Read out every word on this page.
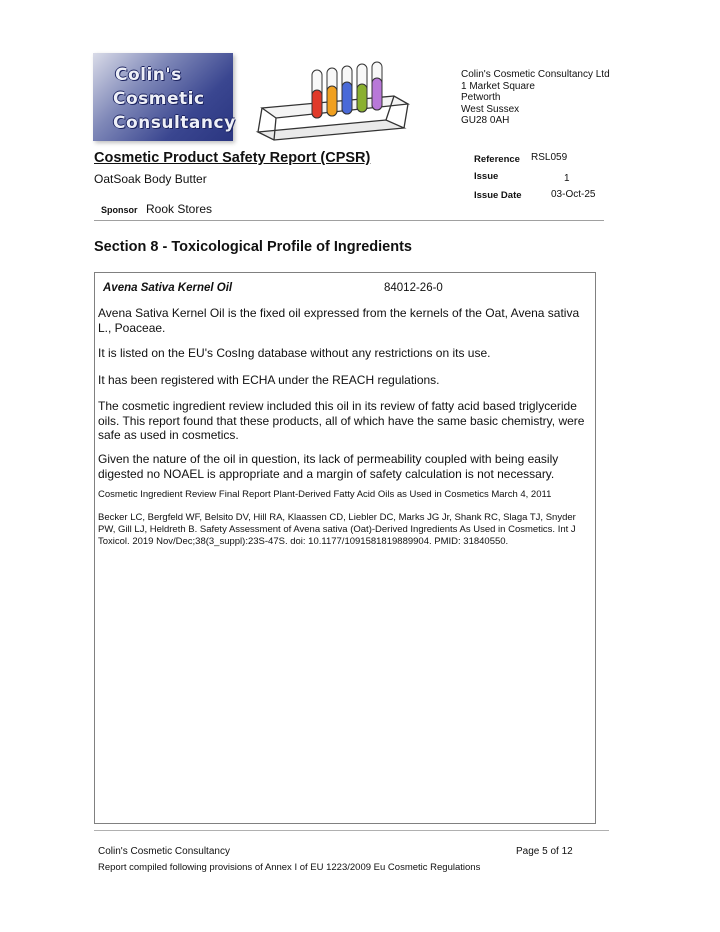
Colin's
Cosmetic
Consultancy
Colin's Cosmetic Consultancy Ltd
1 Market Square
Petworth
West Sussex
GU28 0AH
Cosmetic Product Safety Report (CPSR)
OatSoak Body Butter
Sponsor Rook Stores
Reference RSL059
Issue	1
Issue Date	03-Oct-25
Section 8 - Toxicological Profile of Ingredients
Avena Sativa Kernel Oil	84012-26-0
Avena Sativa Kernel Oil is the fixed oil expressed from the kernels of the Oat, Avena sativa L., Poaceae.
It is listed on the EU's CosIng database without any restrictions on its use.
It has been registered with ECHA under the REACH regulations.
The cosmetic ingredient review included this oil in its review of fatty acid based triglyceride oils. This report found that these products, all of which have the same basic chemistry, were safe as used in cosmetics.
Given the nature of the oil in question, its lack of permeability coupled with being easily digested no NOAEL is appropriate and a margin of safety calculation is not necessary.
Cosmetic Ingredient Review Final Report Plant-Derived Fatty Acid Oils as Used in Cosmetics March 4, 2011
Becker LC, Bergfeld WF, Belsito DV, Hill RA, Klaassen CD, Liebler DC, Marks JG Jr, Shank RC, Slaga TJ, Snyder PW, Gill LJ, Heldreth B. Safety Assessment of Avena sativa (Oat)-Derived Ingredients As Used in Cosmetics. Int J Toxicol. 2019 Nov/Dec;38(3_suppl):23S-47S. doi: 10.1177/1091581819889904. PMID: 31840550.
Colin's Cosmetic Consultancy	Page 5 of 12
Report compiled following provisions of Annex I of EU 1223/2009 Eu Cosmetic Regulations
